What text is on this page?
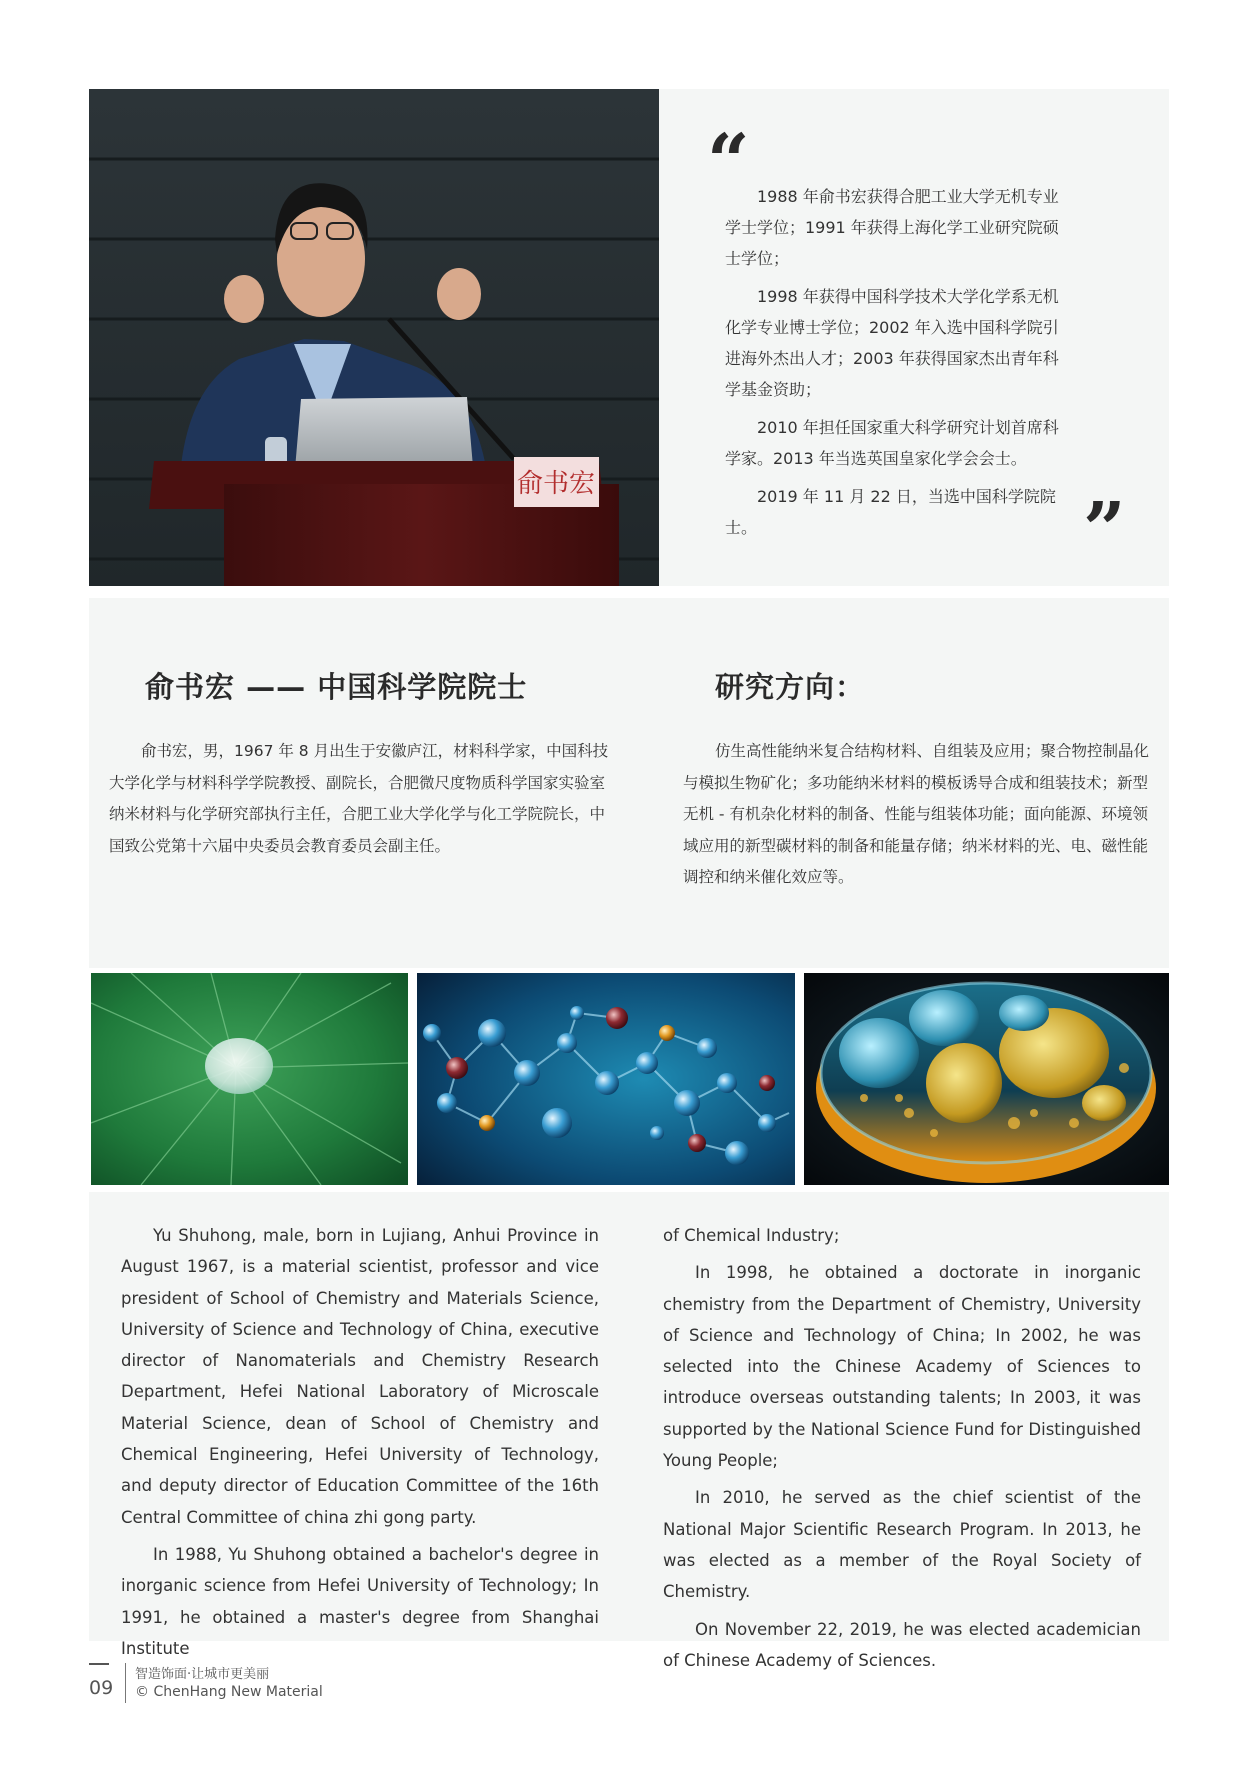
俞书宏
“ 1988 年俞书宏获得合肥工业大学无机专业学士学位；1991 年获得上海化学工业研究院硕士学位；

1998 年获得中国科学技术大学化学系无机化学专业博士学位；2002 年入选中国科学院引进海外杰出人才；2003 年获得国家杰出青年科学基金资助；

2010 年担任国家重大科学研究计划首席科学家。2013 年当选英国皇家化学会会士。

2019 年 11 月 22 日，当选中国科学院院士。	”
俞书宏 —— 中国科学院院士

俞书宏，男，1967 年 8 月出生于安徽庐江，材料科学家，中国科技大学化学与材料科学学院教授、副院长，合肥微尺度物质科学国家实验室纳米材料与化学研究部执行主任，合肥工业大学化学与化工学院院长，中国致公党第十六届中央委员会教育委员会副主任。

研究方向：

仿生高性能纳米复合结构材料、自组装及应用；聚合物控制晶化与模拟生物矿化；多功能纳米材料的模板诱导合成和组装技术；新型无机 - 有机杂化材料的制备、性能与组装体功能；面向能源、环境领域应用的新型碳材料的制备和能量存储；纳米材料的光、电、磁性能调控和纳米催化效应等。

Yu Shuhong, male, born in Lujiang, Anhui Province in August 1967, is a material scientist, professor and vice president of School of Chemistry and Materials Science, University of Science and Technology of China, executive director of Nanomaterials and Chemistry Research Department, Hefei National Laboratory of Microscale Material Science, dean of School of Chemistry and Chemical Engineering, Hefei University of Technology, and deputy director of Education Committee of the 16th Central Committee of china zhi gong party.

In 1988, Yu Shuhong obtained a bachelor's degree in inorganic science from Hefei University of Technology; In 1991, he obtained a master's degree from Shanghai Institute

of Chemical Industry;

In 1998, he obtained a doctorate in inorganic chemistry from the Department of Chemistry, University of Science and Technology of China; In 2002, he was selected into the Chinese Academy of Sciences to introduce overseas outstanding talents; In 2003, it was supported by the National Science Fund for Distinguished Young People;

In 2010, he served as the chief scientist of the National Major Scientific Research Program. In 2013, he was elected as a member of the Royal Society of Chemistry.

On November 22, 2019, he was elected academician of Chinese Academy of Sciences.

09
智造饰面·让城市更美丽
© ChenHang New Material
